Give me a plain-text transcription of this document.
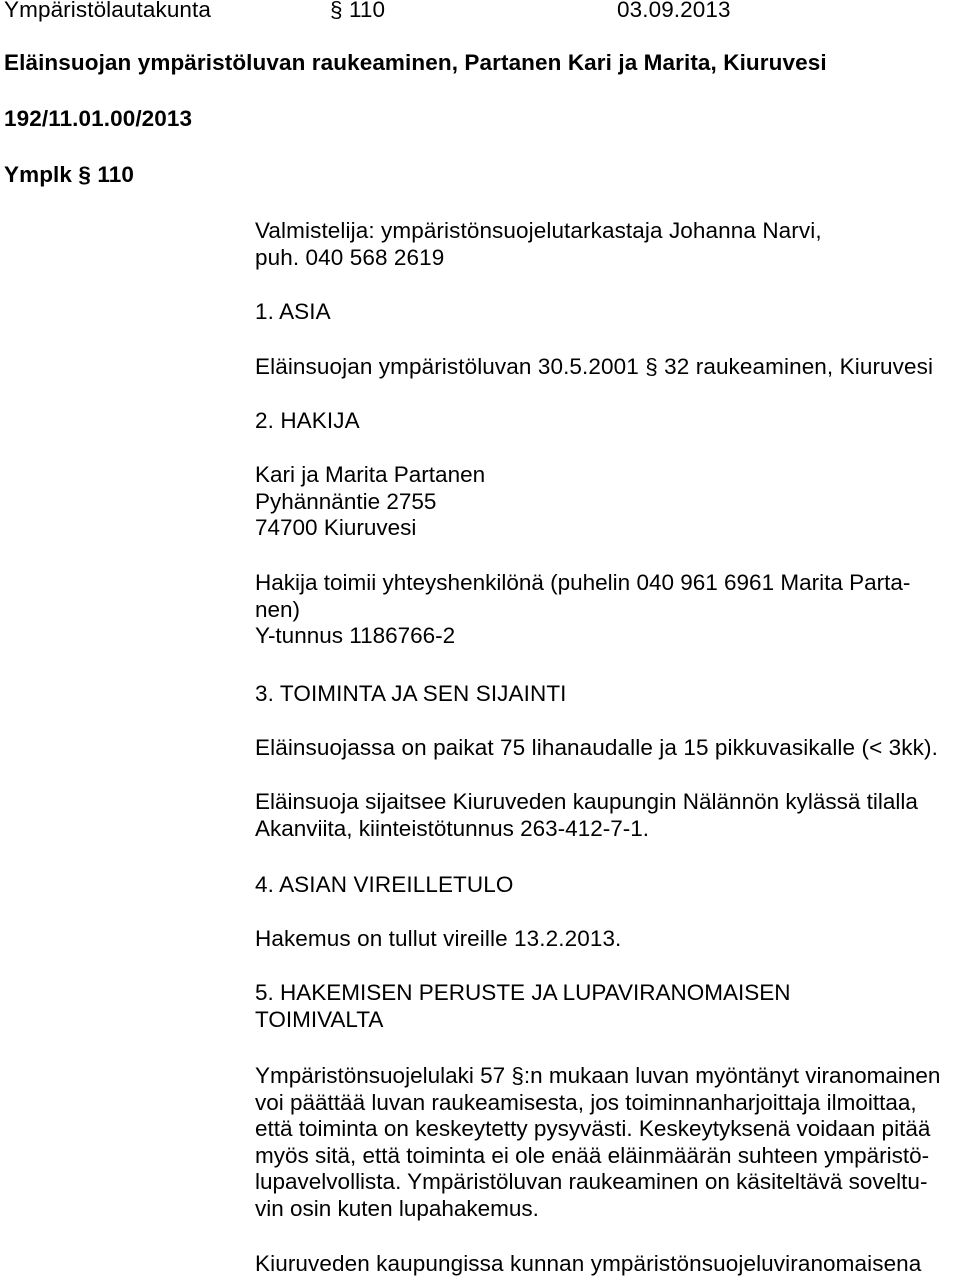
Ympäristölautakunta	§ 110	03.09.2013
Eläinsuojan ympäristöluvan raukeaminen, Partanen Kari ja Marita, Kiuruvesi
192/11.01.00/2013
Ymplk § 110
Valmistelija: ympäristönsuojelutarkastaja Johanna Narvi,
puh. 040 568 2619
1. ASIA
Eläinsuojan ympäristöluvan 30.5.2001 § 32 raukeaminen, Kiuruvesi
2. HAKIJA
Kari ja Marita Partanen
Pyhännäntie 2755
74700 Kiuruvesi
Hakija toimii yhteyshenkilönä (puhelin 040 961 6961 Marita Parta-
nen)
Y-tunnus 1186766-2
3. TOIMINTA JA SEN SIJAINTI
Eläinsuojassa on paikat 75 lihanaudalle ja 15 pikkuvasikalle (< 3kk).
Eläinsuoja sijaitsee Kiuruveden kaupungin Nälännön kylässä tilalla
Akanviita, kiinteistötunnus 263-412-7-1.
4. ASIAN VIREILLETULO
Hakemus on tullut vireille 13.2.2013.
5. HAKEMISEN PERUSTE JA LUPAVIRANOMAISEN
TOIMIVALTA
Ympäristönsuojelulaki 57 §:n mukaan luvan myöntänyt viranomainen
voi päättää luvan raukeamisesta, jos toiminnanharjoittaja ilmoittaa,
että toiminta on keskeytetty pysyvästi. Keskeytyksenä voidaan pitää
myös sitä, että toiminta ei ole enää eläinmäärän suhteen ympäristö-
lupavelvollista. Ympäristöluvan raukeaminen on käsiteltävä soveltu-
vin osin kuten lupahakemus.
Kiuruveden kaupungissa kunnan ympäristönsuojeluviranomaisena
